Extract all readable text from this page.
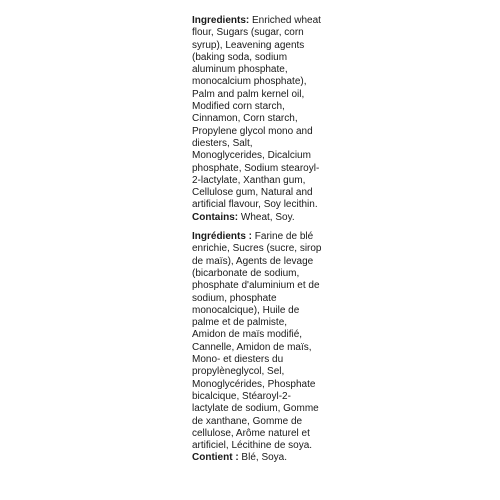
Ingredients: Enriched wheat flour, Sugars (sugar, corn syrup), Leavening agents (baking soda, sodium aluminum phosphate, monocalcium phosphate), Palm and palm kernel oil, Modified corn starch, Cinnamon, Corn starch, Propylene glycol mono and diesters, Salt, Monoglycerides, Dicalcium phosphate, Sodium stearoyl-2-lactylate, Xanthan gum, Cellulose gum, Natural and artificial flavour, Soy lecithin.

Contains: Wheat, Soy.

Ingrédients : Farine de blé enrichie, Sucres (sucre, sirop de maïs), Agents de levage (bicarbonate de sodium, phosphate d'aluminium et de sodium, phosphate monocalcique), Huile de palme et de palmiste, Amidon de maïs modifié, Cannelle, Amidon de maïs, Mono- et diesters du propylèneglycol, Sel, Monoglycérides, Phosphate bicalcique, Stéaroyl-2-lactylate de sodium, Gomme de xanthane, Gomme de cellulose, Arôme naturel et artificiel, Lécithine de soya.

Contient : Blé, Soya.
